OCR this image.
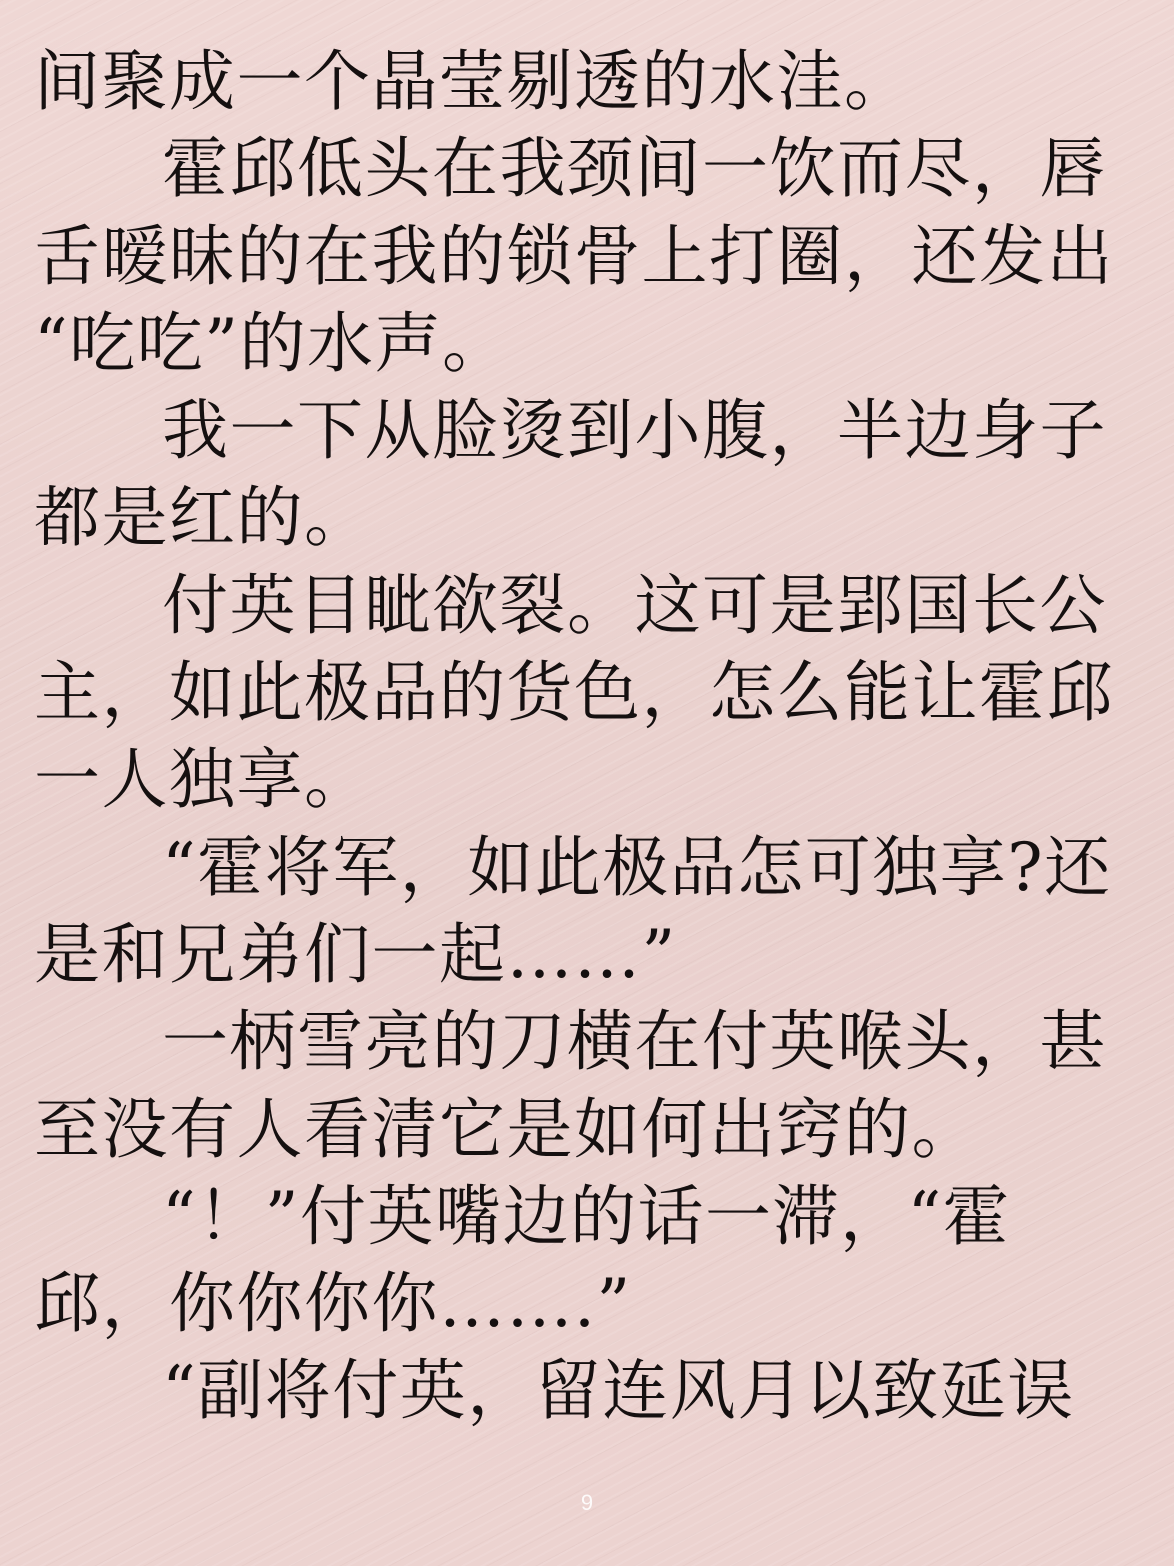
间聚成一个晶莹剔透的水洼。
霍邱低头在我颈间一饮而尽，唇
舌暧昧的在我的锁骨上打圈，还发出
“吃吃”的水声。
我一下从脸烫到小腹，半边身子
都是红的。
付英目眦欲裂。这可是郢国长公
主，如此极品的货色，怎么能让霍邱
一人独享。
“霍将军，如此极品怎可独享?还
是和兄弟们一起……”
一柄雪亮的刀横在付英喉头，甚
至没有人看清它是如何出窍的。
“！”付英嘴边的话一滞，“霍
邱，你你你你…….”
“副将付英，留连风月以致延误
9
